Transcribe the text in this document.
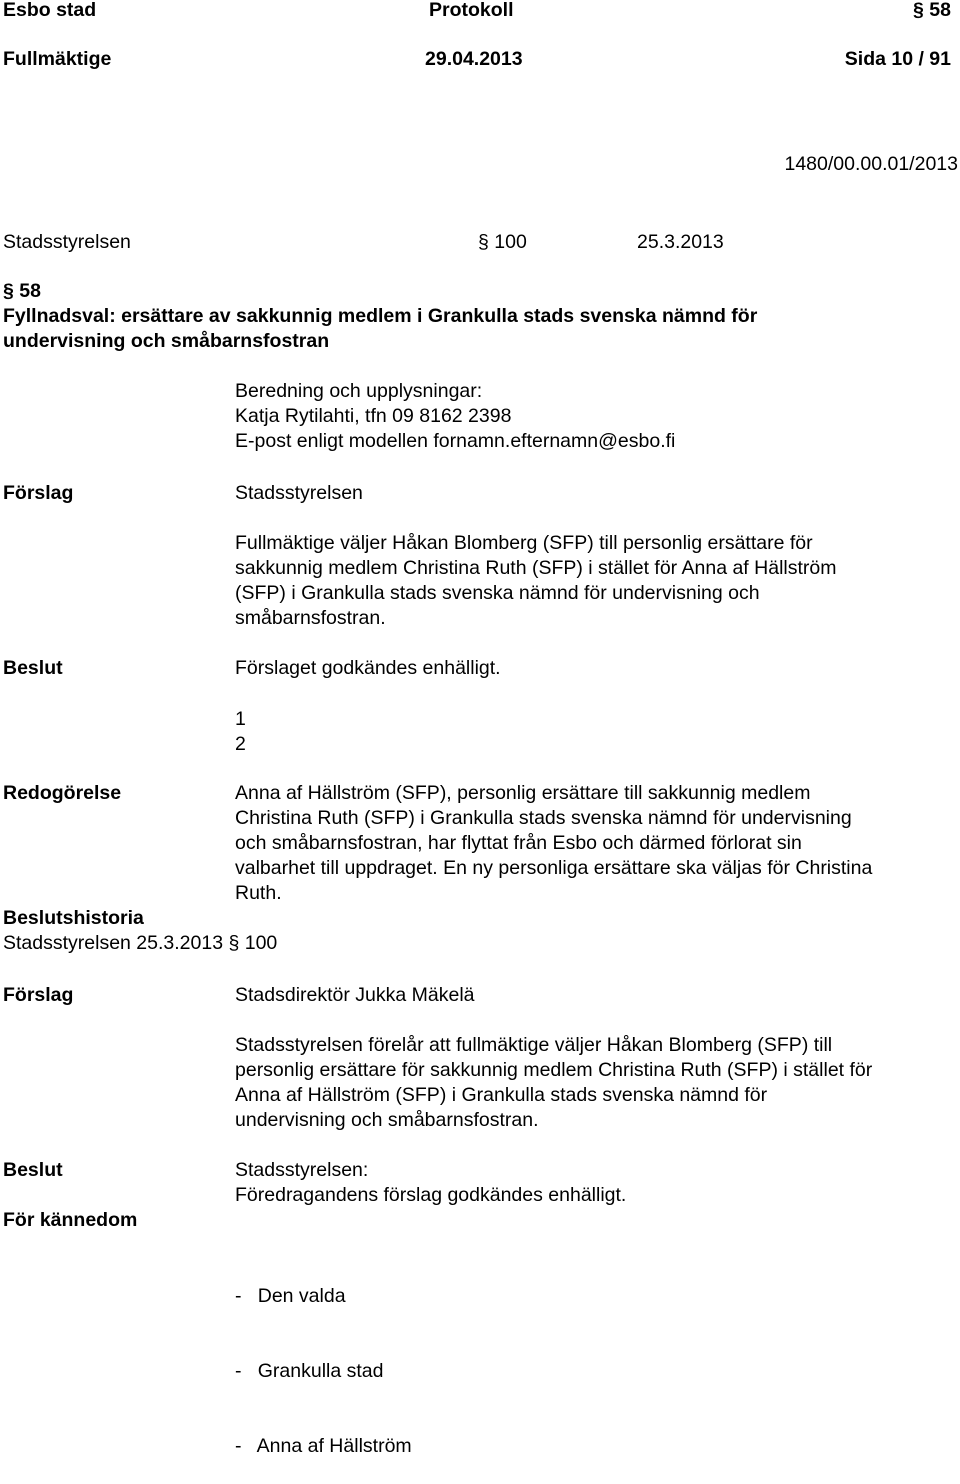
Esbo stad	Protokoll	§ 58
Fullmäktige	29.04.2013	Sida 10 / 91
1480/00.00.01/2013
Stadsstyrelsen	§ 100	25.3.2013
§ 58
Fyllnadsval: ersättare av sakkunnig medlem i Grankulla stads svenska nämnd för
undervisning och småbarnsfostran
Beredning och upplysningar:
Katja Rytilahti, tfn 09 8162 2398
E-post enligt modellen fornamn.efternamn@esbo.fi
Förslag	Stadsstyrelsen
Fullmäktige väljer Håkan Blomberg (SFP) till personlig ersättare för
sakkunnig medlem Christina Ruth (SFP) i stället för Anna af Hällström
(SFP) i Grankulla stads svenska nämnd för undervisning och
småbarnsfostran.
Beslut	Förslaget godkändes enhälligt.
1
2
Redogörelse	Anna af Hällström (SFP), personlig ersättare till sakkunnig medlem
Christina Ruth (SFP) i Grankulla stads svenska nämnd för undervisning
och småbarnsfostran, har flyttat från Esbo och därmed förlorat sin
valbarhet till uppdraget. En ny personliga ersättare ska väljas för Christina
Ruth.
Beslutshistoria
Stadsstyrelsen 25.3.2013 § 100
Förslag	Stadsdirektör Jukka Mäkelä
Stadsstyrelsen förelår att fullmäktige väljer Håkan Blomberg (SFP) till
personlig ersättare för sakkunnig medlem Christina Ruth (SFP) i stället för
Anna af Hällström (SFP) i Grankulla stads svenska nämnd för
undervisning och småbarnsfostran.
Beslut	Stadsstyrelsen:
Föredragandens förslag godkändes enhälligt.
För kännedom

-   Den valda

-   Grankulla stad

-   Anna af Hällström
